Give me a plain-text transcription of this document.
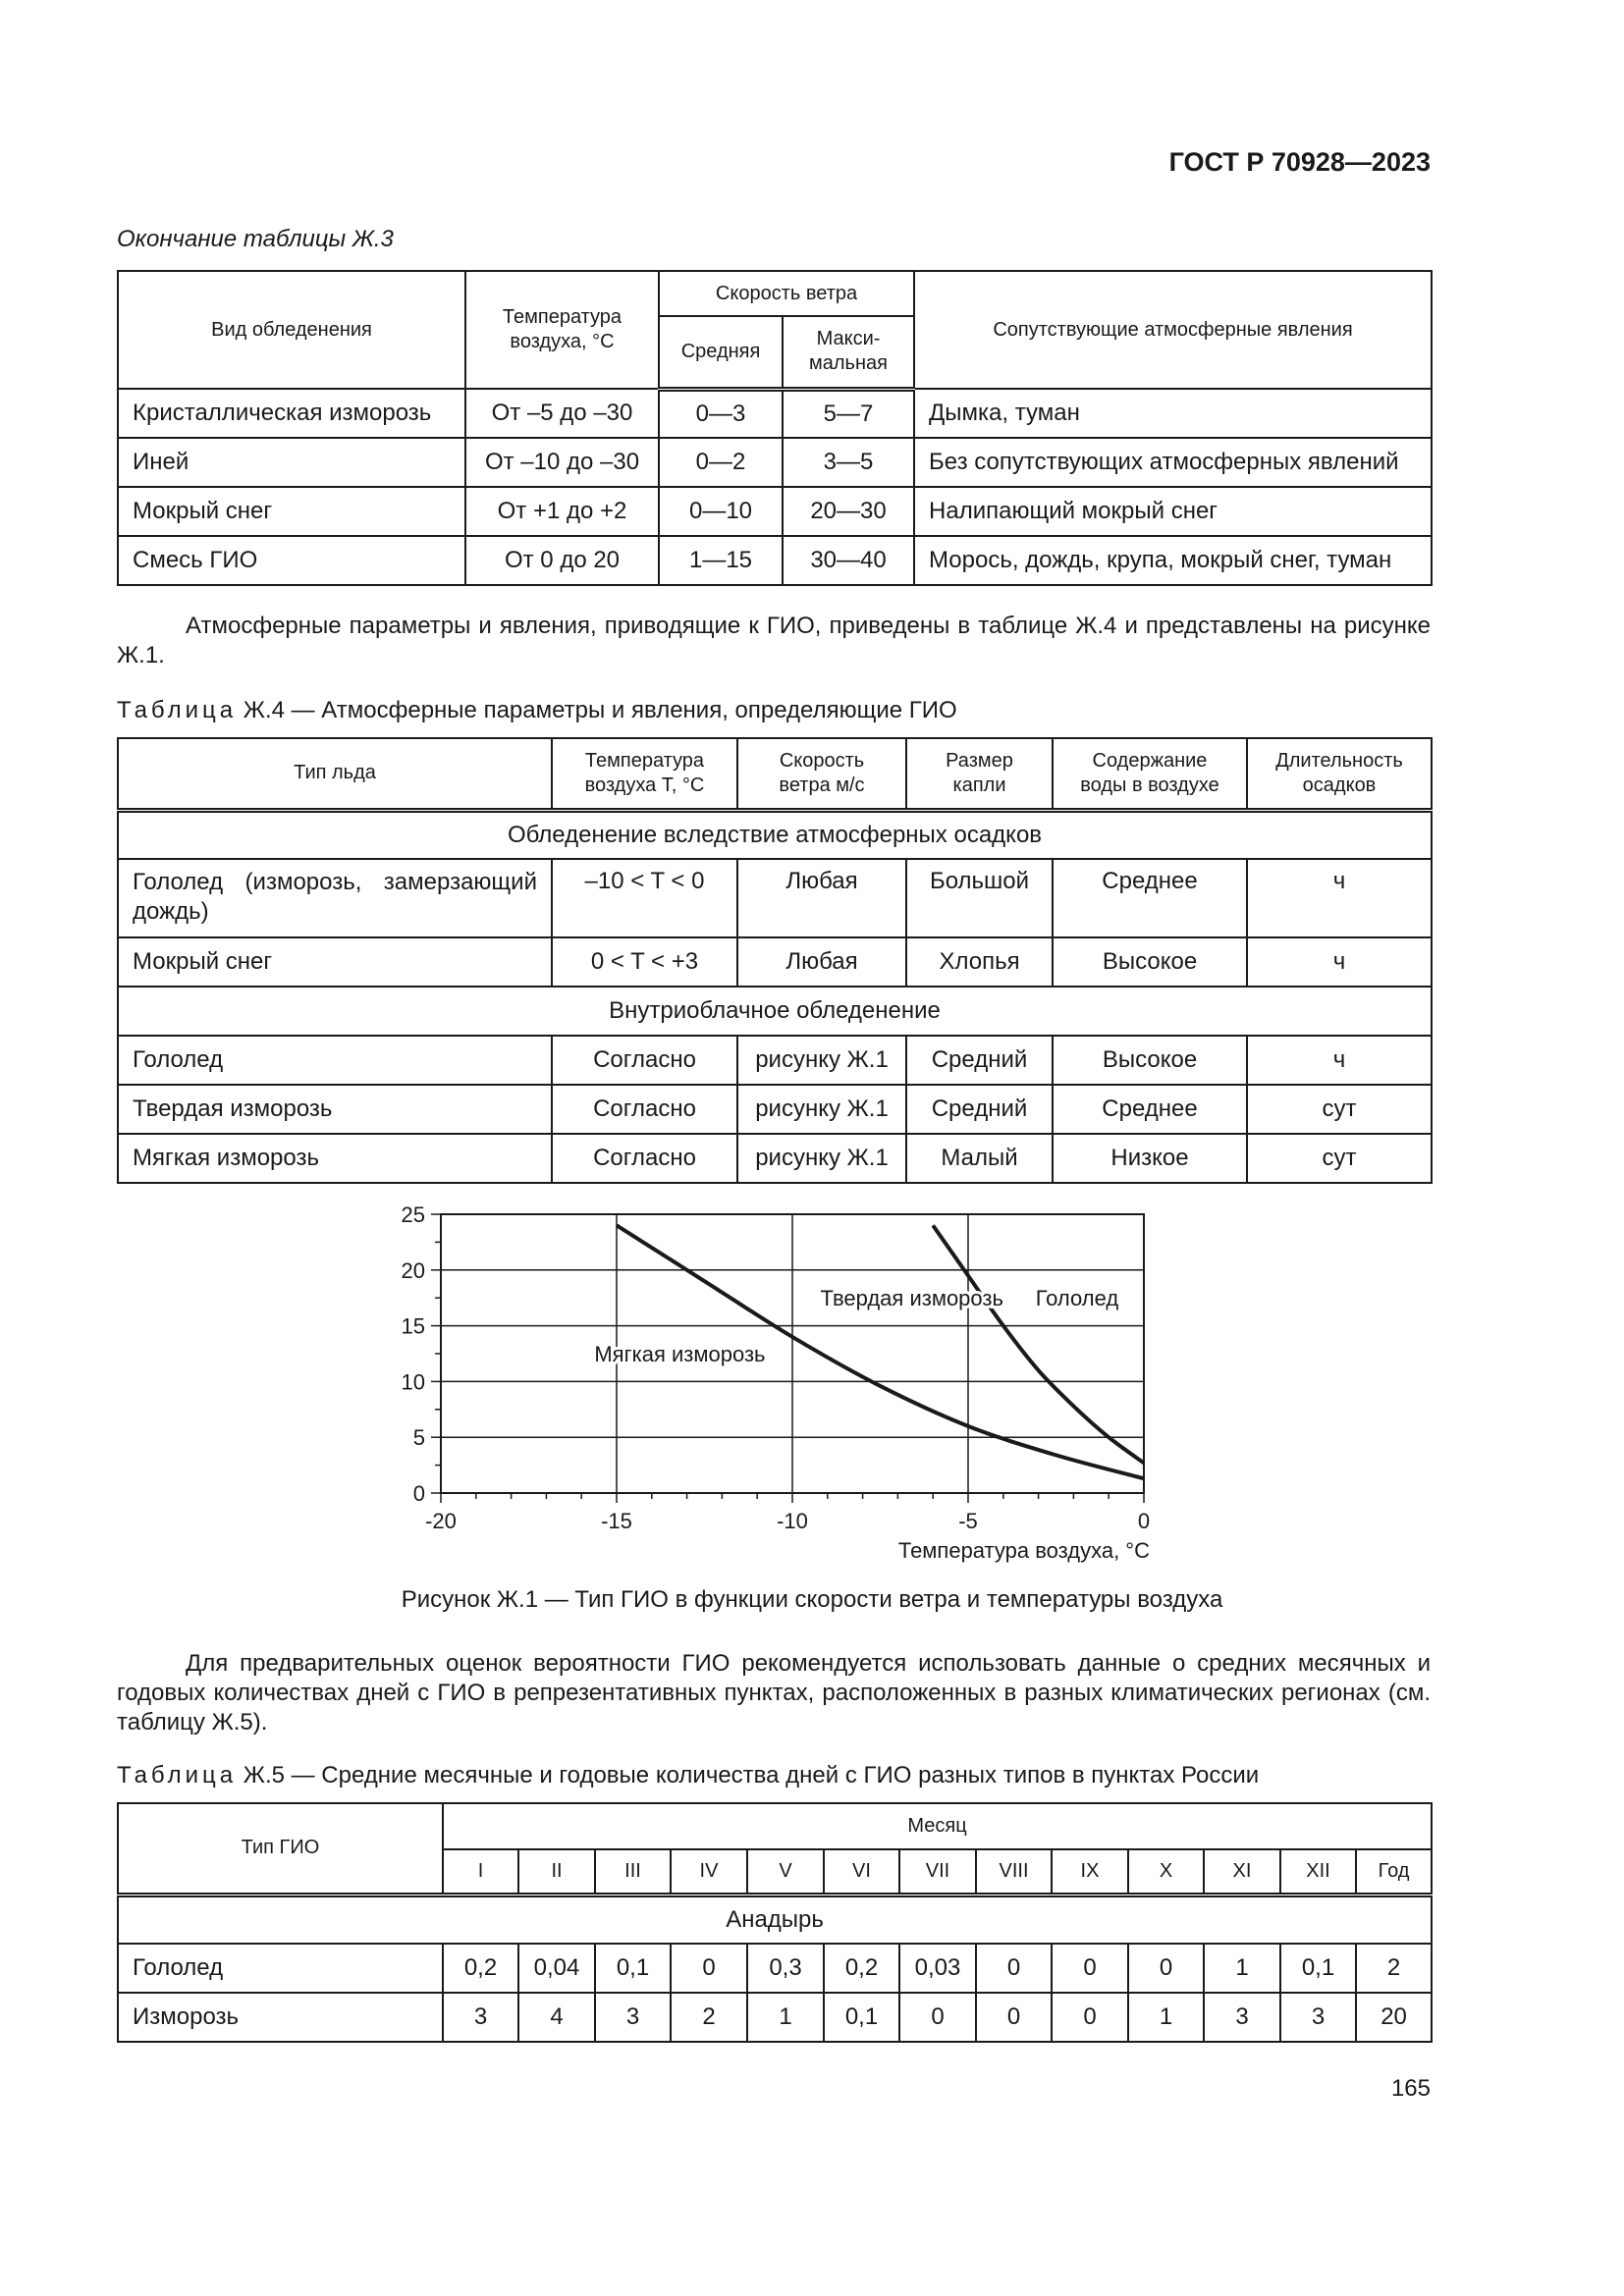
ГОСТ Р 70928—2023
Окончание таблицы Ж.3
Вид обледенения	Температура воздуха, °С	Скорость ветра		Сопутствующие атмосферные явления
		Средняя	Макси-мальная	
Кристаллическая изморозь	От –5 до –30	0—3	5—7	Дымка, туман
Иней	От –10 до –30	0—2	3—5	Без сопутствующих атмосферных явлений
Мокрый снег	От +1 до +2	0—10	20—30	Налипающий мокрый снег
Смесь ГИО	От 0 до 20	1—15	30—40	Морось, дождь, крупа, мокрый снег, туман
Атмосферные параметры и явления, приводящие к ГИО, приведены в таблице Ж.4 и представлены на рисунке Ж.1.
Таблица Ж.4 — Атмосферные параметры и явления, определяющие ГИО
Тип льда	Температура воздуха T, °С	Скорость ветра м/с	Размер капли	Содержание воды в воздухе	Длительность осадков
Обледенение вследствие атмосферных осадков					
Гололед (изморозь, замерзающий дождь)	–10 < T < 0	Любая	Большой	Среднее	ч
Мокрый снег	0 < T < +3	Любая	Хлопья	Высокое	ч
Внутриоблачное обледенение					
Гололед	Согласно	рисунку Ж.1	Средний	Высокое	ч
Твердая изморозь	Согласно	рисунку Ж.1	Средний	Среднее	сут
Мягкая изморозь	Согласно	рисунку Ж.1	Малый	Низкое	сут
-20	-15	-10	-5	0
0
5
10
15
20
25
Температура воздуха, °С
Твердая изморозь Гололед
Мягкая изморозь
Рисунок Ж.1 — Тип ГИО в функции скорости ветра и температуры воздуха
Для предварительных оценок вероятности ГИО рекомендуется использовать данные о средних месячных и годовых количествах дней с ГИО в репрезентативных пунктах, расположенных в разных климатических регионах (см. таблицу Ж.5).
Таблица Ж.5 — Средние месячные и годовые количества дней с ГИО разных типов в пунктах России
Тип ГИО	Месяц												
	I	II	III	IV	V	VI	VII	VIII	IX	X	XI	XII	Год
Анадырь													
Гололед	0,2	0,04	0,1	0	0,3	0,2	0,03	0	0	0	1	0,1	2
Изморозь	3	4	3	2	1	0,1	0	0	0	1	3	3	20
165
